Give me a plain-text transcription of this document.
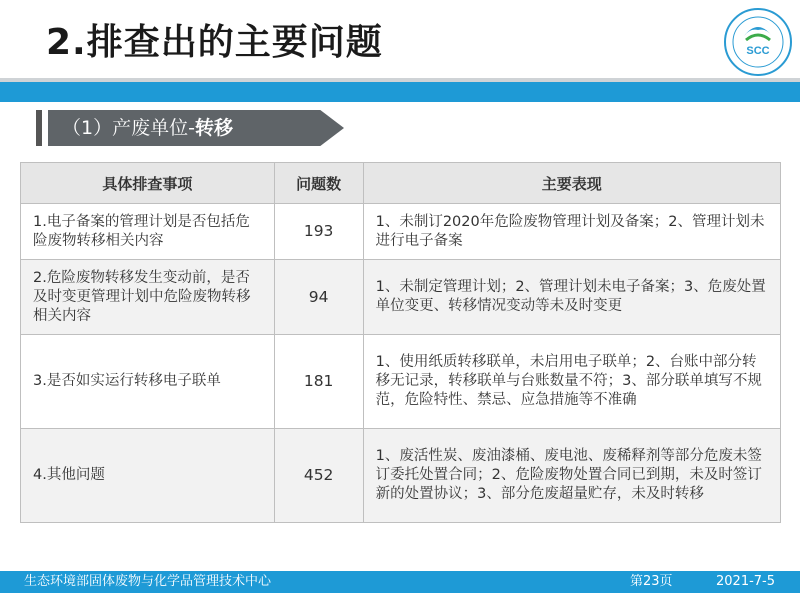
2.排查出的主要问题	SCC
（1）产废单位-转移
具体排查事项	问题数	主要表现
1.电子备案的管理计划是否包括危险废物转移相关内容	193	1、未制订2020年危险废物管理计划及备案；2、管理计划未进行电子备案
2.危险废物转移发生变动前，是否及时变更管理计划中危险废物转移相关内容	94	1、未制定管理计划；2、管理计划未电子备案；3、危废处置单位变更、转移情况变动等未及时变更
3.是否如实运行转移电子联单	181	1、使用纸质转移联单，未启用电子联单；2、台账中部分转移无记录，转移联单与台账数量不符；3、部分联单填写不规范，危险特性、禁忌、应急措施等不准确
4.其他问题	452	1、废活性炭、废油漆桶、废电池、废稀释剂等部分危废未签订委托处置合同；2、危险废物处置合同已到期，未及时签订新的处置协议；3、部分危废超量贮存，未及时转移
生态环境部固体废物与化学品管理技术中心	第23页	2021-7-5
